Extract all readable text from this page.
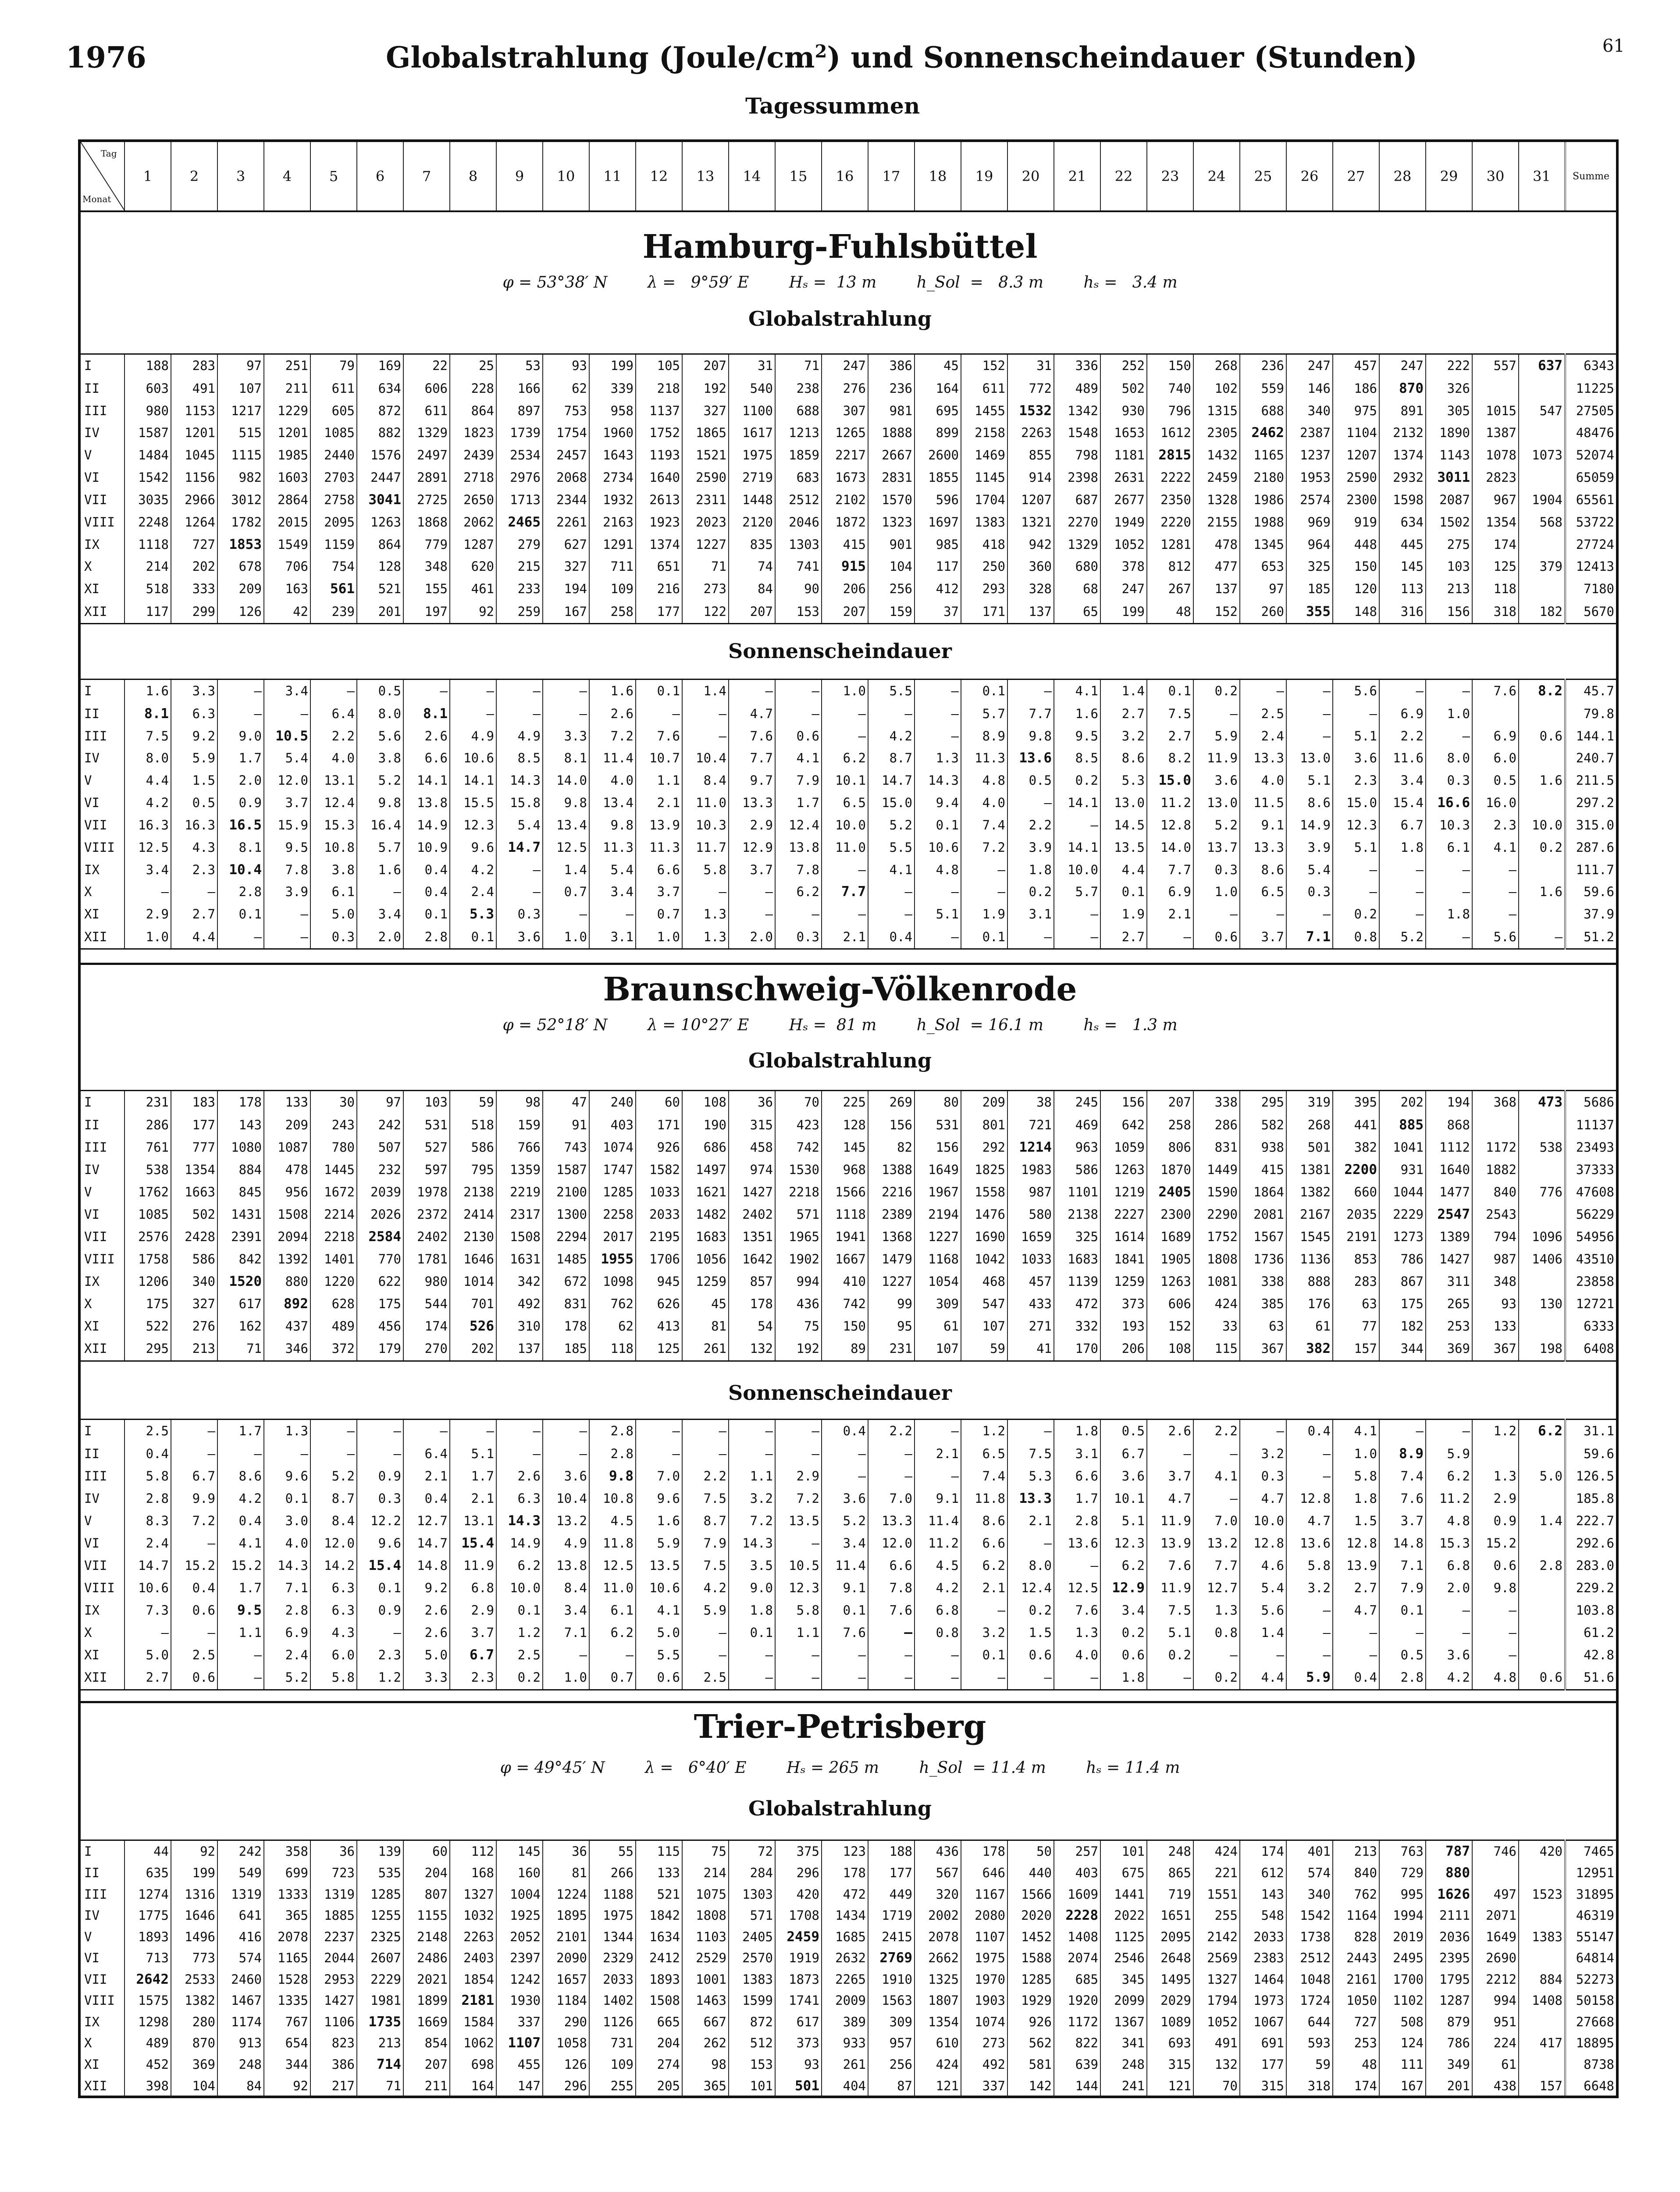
1976	Globalstrahlung $(Joule/cm^2)$ und Sonnenscheindauer (Stunden)	61
Tagessummen
Tag
Monat
	1	2	3	4	5	6	7	8	9	10	11	12	13	14	15	16	17	18	19	20	21	22	23	24	25	26	27	28	29	30	31	Summe
Hamburg-Fuhlsbüttel
φ = 53°38′ N        λ =   9°59′ E        Hₛ =  13 m        h_Sol  =   8.3 m        hₛ =   3.4 m
Globalstrahlung
I	188	283	97	251	79	169	22	25	53	93	199	105	207	31	71	247	386	45	152	31	336	252	150	268	236	247	457	247	222	557	637	6343
II	603	491	107	211	611	634	606	228	166	62	339	218	192	540	238	276	236	164	611	772	489	502	740	102	559	146	186	870	326			11225
III	980	1153	1217	1229	605	872	611	864	897	753	958	1137	327	1100	688	307	981	695	1455	1532	1342	930	796	1315	688	340	975	891	305	1015	547	27505
IV	1587	1201	515	1201	1085	882	1329	1823	1739	1754	1960	1752	1865	1617	1213	1265	1888	899	2158	2263	1548	1653	1612	2305	2462	2387	1104	2132	1890	1387		48476
V	1484	1045	1115	1985	2440	1576	2497	2439	2534	2457	1643	1193	1521	1975	1859	2217	2667	2600	1469	855	798	1181	2815	1432	1165	1237	1207	1374	1143	1078	1073	52074
VI	1542	1156	982	1603	2703	2447	2891	2718	2976	2068	2734	1640	2590	2719	683	1673	2831	1855	1145	914	2398	2631	2222	2459	2180	1953	2590	2932	3011	2823		65059
VII	3035	2966	3012	2864	2758	3041	2725	2650	1713	2344	1932	2613	2311	1448	2512	2102	1570	596	1704	1207	687	2677	2350	1328	1986	2574	2300	1598	2087	967	1904	65561
VIII	2248	1264	1782	2015	2095	1263	1868	2062	2465	2261	2163	1923	2023	2120	2046	1872	1323	1697	1383	1321	2270	1949	2220	2155	1988	969	919	634	1502	1354	568	53722
IX	1118	727	1853	1549	1159	864	779	1287	279	627	1291	1374	1227	835	1303	415	901	985	418	942	1329	1052	1281	478	1345	964	448	445	275	174		27724
X	214	202	678	706	754	128	348	620	215	327	711	651	71	74	741	915	104	117	250	360	680	378	812	477	653	325	150	145	103	125	379	12413
XI	518	333	209	163	561	521	155	461	233	194	109	216	273	84	90	206	256	412	293	328	68	247	267	137	97	185	120	113	213	118		7180
XII	117	299	126	42	239	201	197	92	259	167	258	177	122	207	153	207	159	37	171	137	65	199	48	152	260	355	148	316	156	318	182	5670
Sonnenscheindauer
I	1.6	3.3	–	3.4	–	0.5	–	–	–	–	1.6	0.1	1.4	–	–	1.0	5.5	–	0.1	–	4.1	1.4	0.1	0.2	–	–	5.6	–	–	7.6	8.2	45.7
II	8.1	6.3	–	–	6.4	8.0	8.1	–	–	–	2.6	–	–	4.7	–	–	–	–	5.7	7.7	1.6	2.7	7.5	–	2.5	–	–	6.9	1.0			79.8
III	7.5	9.2	9.0	10.5	2.2	5.6	2.6	4.9	4.9	3.3	7.2	7.6	–	7.6	0.6	–	4.2	–	8.9	9.8	9.5	3.2	2.7	5.9	2.4	–	5.1	2.2	–	6.9	0.6	144.1
IV	8.0	5.9	1.7	5.4	4.0	3.8	6.6	10.6	8.5	8.1	11.4	10.7	10.4	7.7	4.1	6.2	8.7	1.3	11.3	13.6	8.5	8.6	8.2	11.9	13.3	13.0	3.6	11.6	8.0	6.0		240.7
V	4.4	1.5	2.0	12.0	13.1	5.2	14.1	14.1	14.3	14.0	4.0	1.1	8.4	9.7	7.9	10.1	14.7	14.3	4.8	0.5	0.2	5.3	15.0	3.6	4.0	5.1	2.3	3.4	0.3	0.5	1.6	211.5
VI	4.2	0.5	0.9	3.7	12.4	9.8	13.8	15.5	15.8	9.8	13.4	2.1	11.0	13.3	1.7	6.5	15.0	9.4	4.0	–	14.1	13.0	11.2	13.0	11.5	8.6	15.0	15.4	16.6	16.0		297.2
VII	16.3	16.3	16.5	15.9	15.3	16.4	14.9	12.3	5.4	13.4	9.8	13.9	10.3	2.9	12.4	10.0	5.2	0.1	7.4	2.2	–	14.5	12.8	5.2	9.1	14.9	12.3	6.7	10.3	2.3	10.0	315.0
VIII	12.5	4.3	8.1	9.5	10.8	5.7	10.9	9.6	14.7	12.5	11.3	11.3	11.7	12.9	13.8	11.0	5.5	10.6	7.2	3.9	14.1	13.5	14.0	13.7	13.3	3.9	5.1	1.8	6.1	4.1	0.2	287.6
IX	3.4	2.3	10.4	7.8	3.8	1.6	0.4	4.2	–	1.4	5.4	6.6	5.8	3.7	7.8	–	4.1	4.8	–	1.8	10.0	4.4	7.7	0.3	8.6	5.4	–	–	–	–		111.7
X	–	–	2.8	3.9	6.1	–	0.4	2.4	–	0.7	3.4	3.7	–	–	6.2	7.7	–	–	–	0.2	5.7	0.1	6.9	1.0	6.5	0.3	–	–	–	–	1.6	59.6
XI	2.9	2.7	0.1	–	5.0	3.4	0.1	5.3	0.3	–	–	0.7	1.3	–	–	–	–	5.1	1.9	3.1	–	1.9	2.1	–	–	–	0.2	–	1.8	–		37.9
XII	1.0	4.4	–	–	0.3	2.0	2.8	0.1	3.6	1.0	3.1	1.0	1.3	2.0	0.3	2.1	0.4	–	0.1	–	–	2.7	–	0.6	3.7	7.1	0.8	5.2	–	5.6	–	51.2
Braunschweig-Völkenrode
φ = 52°18′ N        λ = 10°27′ E        Hₛ =  81 m        h_Sol  = 16.1 m        hₛ =   1.3 m
Globalstrahlung
I	231	183	178	133	30	97	103	59	98	47	240	60	108	36	70	225	269	80	209	38	245	156	207	338	295	319	395	202	194	368	473	5686
II	286	177	143	209	243	242	531	518	159	91	403	171	190	315	423	128	156	531	801	721	469	642	258	286	582	268	441	885	868			11137
III	761	777	1080	1087	780	507	527	586	766	743	1074	926	686	458	742	145	82	156	292	1214	963	1059	806	831	938	501	382	1041	1112	1172	538	23493
IV	538	1354	884	478	1445	232	597	795	1359	1587	1747	1582	1497	974	1530	968	1388	1649	1825	1983	586	1263	1870	1449	415	1381	2200	931	1640	1882		37333
V	1762	1663	845	956	1672	2039	1978	2138	2219	2100	1285	1033	1621	1427	2218	1566	2216	1967	1558	987	1101	1219	2405	1590	1864	1382	660	1044	1477	840	776	47608
VI	1085	502	1431	1508	2214	2026	2372	2414	2317	1300	2258	2033	1482	2402	571	1118	2389	2194	1476	580	2138	2227	2300	2290	2081	2167	2035	2229	2547	2543		56229
VII	2576	2428	2391	2094	2218	2584	2402	2130	1508	2294	2017	2195	1683	1351	1965	1941	1368	1227	1690	1659	325	1614	1689	1752	1567	1545	2191	1273	1389	794	1096	54956
VIII	1758	586	842	1392	1401	770	1781	1646	1631	1485	1955	1706	1056	1642	1902	1667	1479	1168	1042	1033	1683	1841	1905	1808	1736	1136	853	786	1427	987	1406	43510
IX	1206	340	1520	880	1220	622	980	1014	342	672	1098	945	1259	857	994	410	1227	1054	468	457	1139	1259	1263	1081	338	888	283	867	311	348		23858
X	175	327	617	892	628	175	544	701	492	831	762	626	45	178	436	742	99	309	547	433	472	373	606	424	385	176	63	175	265	93	130	12721
XI	522	276	162	437	489	456	174	526	310	178	62	413	81	54	75	150	95	61	107	271	332	193	152	33	63	61	77	182	253	133		6333
XII	295	213	71	346	372	179	270	202	137	185	118	125	261	132	192	89	231	107	59	41	170	206	108	115	367	382	157	344	369	367	198	6408
Sonnenscheindauer
I	2.5	–	1.7	1.3	–	–	–	–	–	–	2.8	–	–	–	–	0.4	2.2	–	1.2	–	1.8	0.5	2.6	2.2	–	0.4	4.1	–	–	1.2	6.2	31.1
II	0.4	–	–	–	–	–	6.4	5.1	–	–	2.8	–	–	–	–	–	–	2.1	6.5	7.5	3.1	6.7	–	–	3.2	–	1.0	8.9	5.9			59.6
III	5.8	6.7	8.6	9.6	5.2	0.9	2.1	1.7	2.6	3.6	9.8	7.0	2.2	1.1	2.9	–	–	–	7.4	5.3	6.6	3.6	3.7	4.1	0.3	–	5.8	7.4	6.2	1.3	5.0	126.5
IV	2.8	9.9	4.2	0.1	8.7	0.3	0.4	2.1	6.3	10.4	10.8	9.6	7.5	3.2	7.2	3.6	7.0	9.1	11.8	13.3	1.7	10.1	4.7	–	4.7	12.8	1.8	7.6	11.2	2.9		185.8
V	8.3	7.2	0.4	3.0	8.4	12.2	12.7	13.1	14.3	13.2	4.5	1.6	8.7	7.2	13.5	5.2	13.3	11.4	8.6	2.1	2.8	5.1	11.9	7.0	10.0	4.7	1.5	3.7	4.8	0.9	1.4	222.7
VI	2.4	–	4.1	4.0	12.0	9.6	14.7	15.4	14.9	4.9	11.8	5.9	7.9	14.3	–	3.4	12.0	11.2	6.6	–	13.6	12.3	13.9	13.2	12.8	13.6	12.8	14.8	15.3	15.2		292.6
VII	14.7	15.2	15.2	14.3	14.2	15.4	14.8	11.9	6.2	13.8	12.5	13.5	7.5	3.5	10.5	11.4	6.6	4.5	6.2	8.0	–	6.2	7.6	7.7	4.6	5.8	13.9	7.1	6.8	0.6	2.8	283.0
VIII	10.6	0.4	1.7	7.1	6.3	0.1	9.2	6.8	10.0	8.4	11.0	10.6	4.2	9.0	12.3	9.1	7.8	4.2	2.1	12.4	12.5	12.9	11.9	12.7	5.4	3.2	2.7	7.9	2.0	9.8		229.2
IX	7.3	0.6	9.5	2.8	6.3	0.9	2.6	2.9	0.1	3.4	6.1	4.1	5.9	1.8	5.8	0.1	7.6	6.8	–	0.2	7.6	3.4	7.5	1.3	5.6	–	4.7	0.1	–	–		103.8
X	–	–	1.1	6.9	4.3	–	2.6	3.7	1.2	7.1	6.2	5.0	–	0.1	1.1	7.6	–	0.8	3.2	1.5	1.3	0.2	5.1	0.8	1.4	–	–	–	–	–		61.2
XI	5.0	2.5	–	2.4	6.0	2.3	5.0	6.7	2.5	–	–	5.5	–	–	–	–	–	–	0.1	0.6	4.0	0.6	0.2	–	–	–	–	0.5	3.6	–		42.8
XII	2.7	0.6	–	5.2	5.8	1.2	3.3	2.3	0.2	1.0	0.7	0.6	2.5	–	–	–	–	–	–	–	–	1.8	–	0.2	4.4	5.9	0.4	2.8	4.2	4.8	0.6	51.6
Trier-Petrisberg
φ = 49°45′ N        λ =   6°40′ E        Hₛ = 265 m        h_Sol  = 11.4 m        hₛ = 11.4 m
Globalstrahlung
I	44	92	242	358	36	139	60	112	145	36	55	115	75	72	375	123	188	436	178	50	257	101	248	424	174	401	213	763	787	746	420	7465
II	635	199	549	699	723	535	204	168	160	81	266	133	214	284	296	178	177	567	646	440	403	675	865	221	612	574	840	729	880			12951
III	1274	1316	1319	1333	1319	1285	807	1327	1004	1224	1188	521	1075	1303	420	472	449	320	1167	1566	1609	1441	719	1551	143	340	762	995	1626	497	1523	31895
IV	1775	1646	641	365	1885	1255	1155	1032	1925	1895	1975	1842	1808	571	1708	1434	1719	2002	2080	2020	2228	2022	1651	255	548	1542	1164	1994	2111	2071		46319
V	1893	1496	416	2078	2237	2325	2148	2263	2052	2101	1344	1634	1103	2405	2459	1685	2415	2078	1107	1452	1408	1125	2095	2142	2033	1738	828	2019	2036	1649	1383	55147
VI	713	773	574	1165	2044	2607	2486	2403	2397	2090	2329	2412	2529	2570	1919	2632	2769	2662	1975	1588	2074	2546	2648	2569	2383	2512	2443	2495	2395	2690		64814
VII	2642	2533	2460	1528	2953	2229	2021	1854	1242	1657	2033	1893	1001	1383	1873	2265	1910	1325	1970	1285	685	345	1495	1327	1464	1048	2161	1700	1795	2212	884	52273
VIII	1575	1382	1467	1335	1427	1981	1899	2181	1930	1184	1402	1508	1463	1599	1741	2009	1563	1807	1903	1929	1920	2099	2029	1794	1973	1724	1050	1102	1287	994	1408	50158
IX	1298	280	1174	767	1106	1735	1669	1584	337	290	1126	665	667	872	617	389	309	1354	1074	926	1172	1367	1089	1052	1067	644	727	508	879	951		27668
X	489	870	913	654	823	213	854	1062	1107	1058	731	204	262	512	373	933	957	610	273	562	822	341	693	491	691	593	253	124	786	224	417	18895
XI	452	369	248	344	386	714	207	698	455	126	109	274	98	153	93	261	256	424	492	581	639	248	315	132	177	59	48	111	349	61		8738
XII	398	104	84	92	217	71	211	164	147	296	255	205	365	101	501	404	87	121	337	142	144	241	121	70	315	318	174	167	201	438	157	6648
